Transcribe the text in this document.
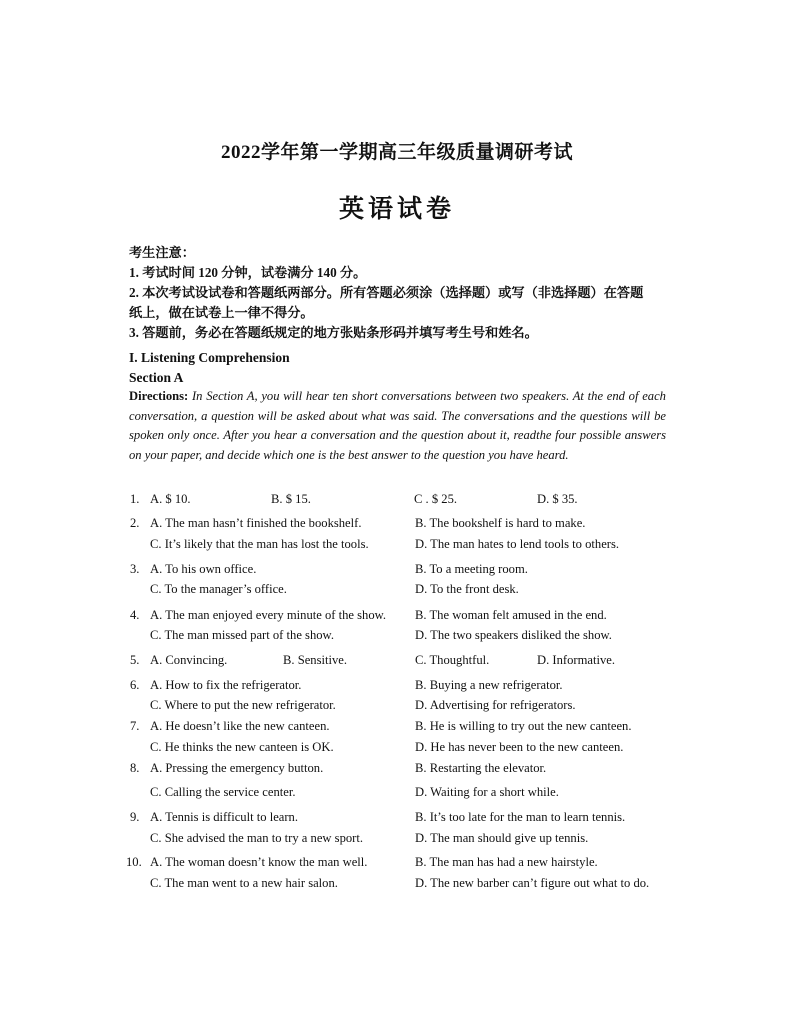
2022学年第一学期高三年级质量调研考试
英语试卷
考生注意：
1. 考试时间 120 分钟，试卷满分 140 分。
2. 本次考试设试卷和答题纸两部分。所有答题必须涂（选择题）或写（非选择题）在答题
纸上，做在试卷上一律不得分。
3. 答题前，务必在答题纸规定的地方张贴条形码并填写考生号和姓名。
I. Listening Comprehension
Section A
Directions: In Section A, you will hear ten short conversations between two speakers. At the end of each conversation, a question will be asked about what was said. The conversations and the questions will be spoken only once. After you hear a conversation and the question about it, readthe four possible answers on your paper, and decide which one is the best answer to the question you have heard.
1. A. $ 10.	B. $ 15.	C . $ 25.	D. $ 35.
2. A. The man hasn’t finished the bookshelf.	B. The bookshelf is hard to make.
C. It’s likely that the man has lost the tools.	D. The man hates to lend tools to others.
3. A. To his own office.	B. To a meeting room.
C. To the manager’s office.	D. To the front desk.
4. A. The man enjoyed every minute of the show. B. The woman felt amused in the end.
C. The man missed part of the show.	D. The two speakers disliked the show.
5. A. Convincing.	B. Sensitive.	C. Thoughtful.	D. Informative.
6. A. How to fix the refrigerator.	B. Buying a new refrigerator.
C. Where to put the new refrigerator.	D. Advertising for refrigerators.
7. A. He doesn’t like the new canteen.	B. He is willing to try out the new canteen.
C. He thinks the new canteen is OK.	D. He has never been to the new canteen.
8. A. Pressing the emergency button.	B. Restarting the elevator.
C. Calling the service center.	D. Waiting for a short while.
9. A. Tennis is difficult to learn.	B. It’s too late for the man to learn tennis.
C. She advised the man to try a new sport.	D. The man should give up tennis.
10. A. The woman doesn’t know the man well.	B. The man has had a new hairstyle.
C. The man went to a new hair salon.	D. The new barber can’t figure out what to do.
